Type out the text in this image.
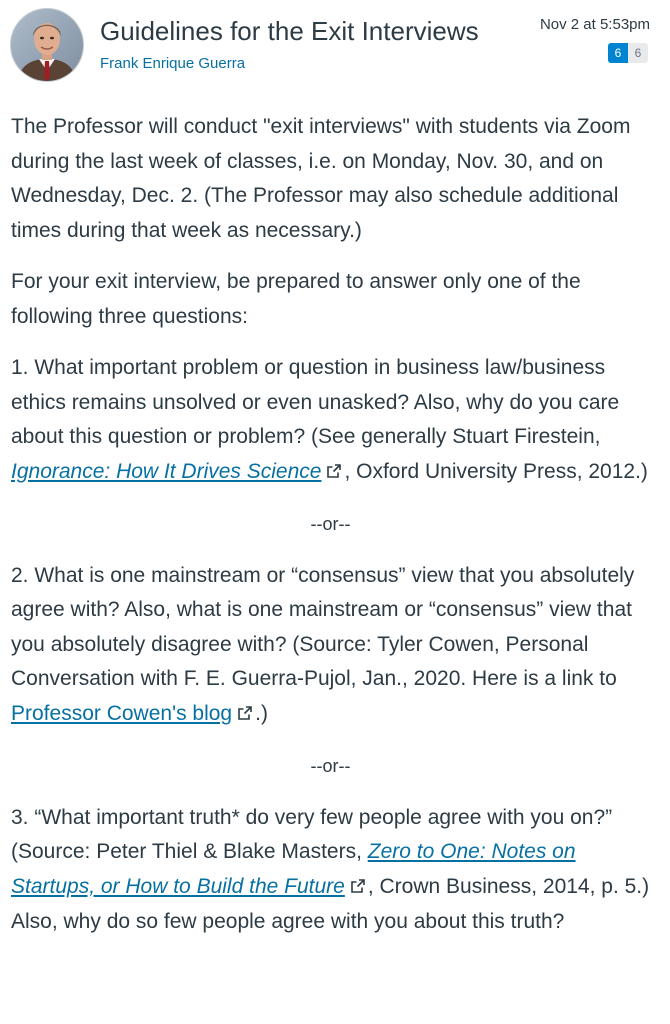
Guidelines for the Exit Interviews
Frank Enrique Guerra
Nov 2 at 5:53pm
6	6

The Professor will conduct "exit interviews" with students via Zoom during the last week of classes, i.e. on Monday, Nov. 30, and on Wednesday, Dec. 2. (The Professor may also schedule additional times during that week as necessary.)

For your exit interview, be prepared to answer only one of the following three questions:

1. What important problem or question in business law/business ethics remains unsolved or even unasked? Also, why do you care about this question or problem? (See generally Stuart Firestein, Ignorance: How It Drives Science , Oxford University Press, 2012.)

--or--

2. What is one mainstream or “consensus” view that you absolutely agree with? Also, what is one mainstream or “consensus” view that you absolutely disagree with? (Source: Tyler Cowen, Personal Conversation with F. E. Guerra-Pujol, Jan., 2020. Here is a link to Professor Cowen's blog .)

--or--

3. “What important truth* do very few people agree with you on?” (Source: Peter Thiel & Blake Masters, Zero to One: Notes on Startups, or How to Build the Future , Crown Business, 2014, p. 5.) Also, why do so few people agree with you about this truth?
